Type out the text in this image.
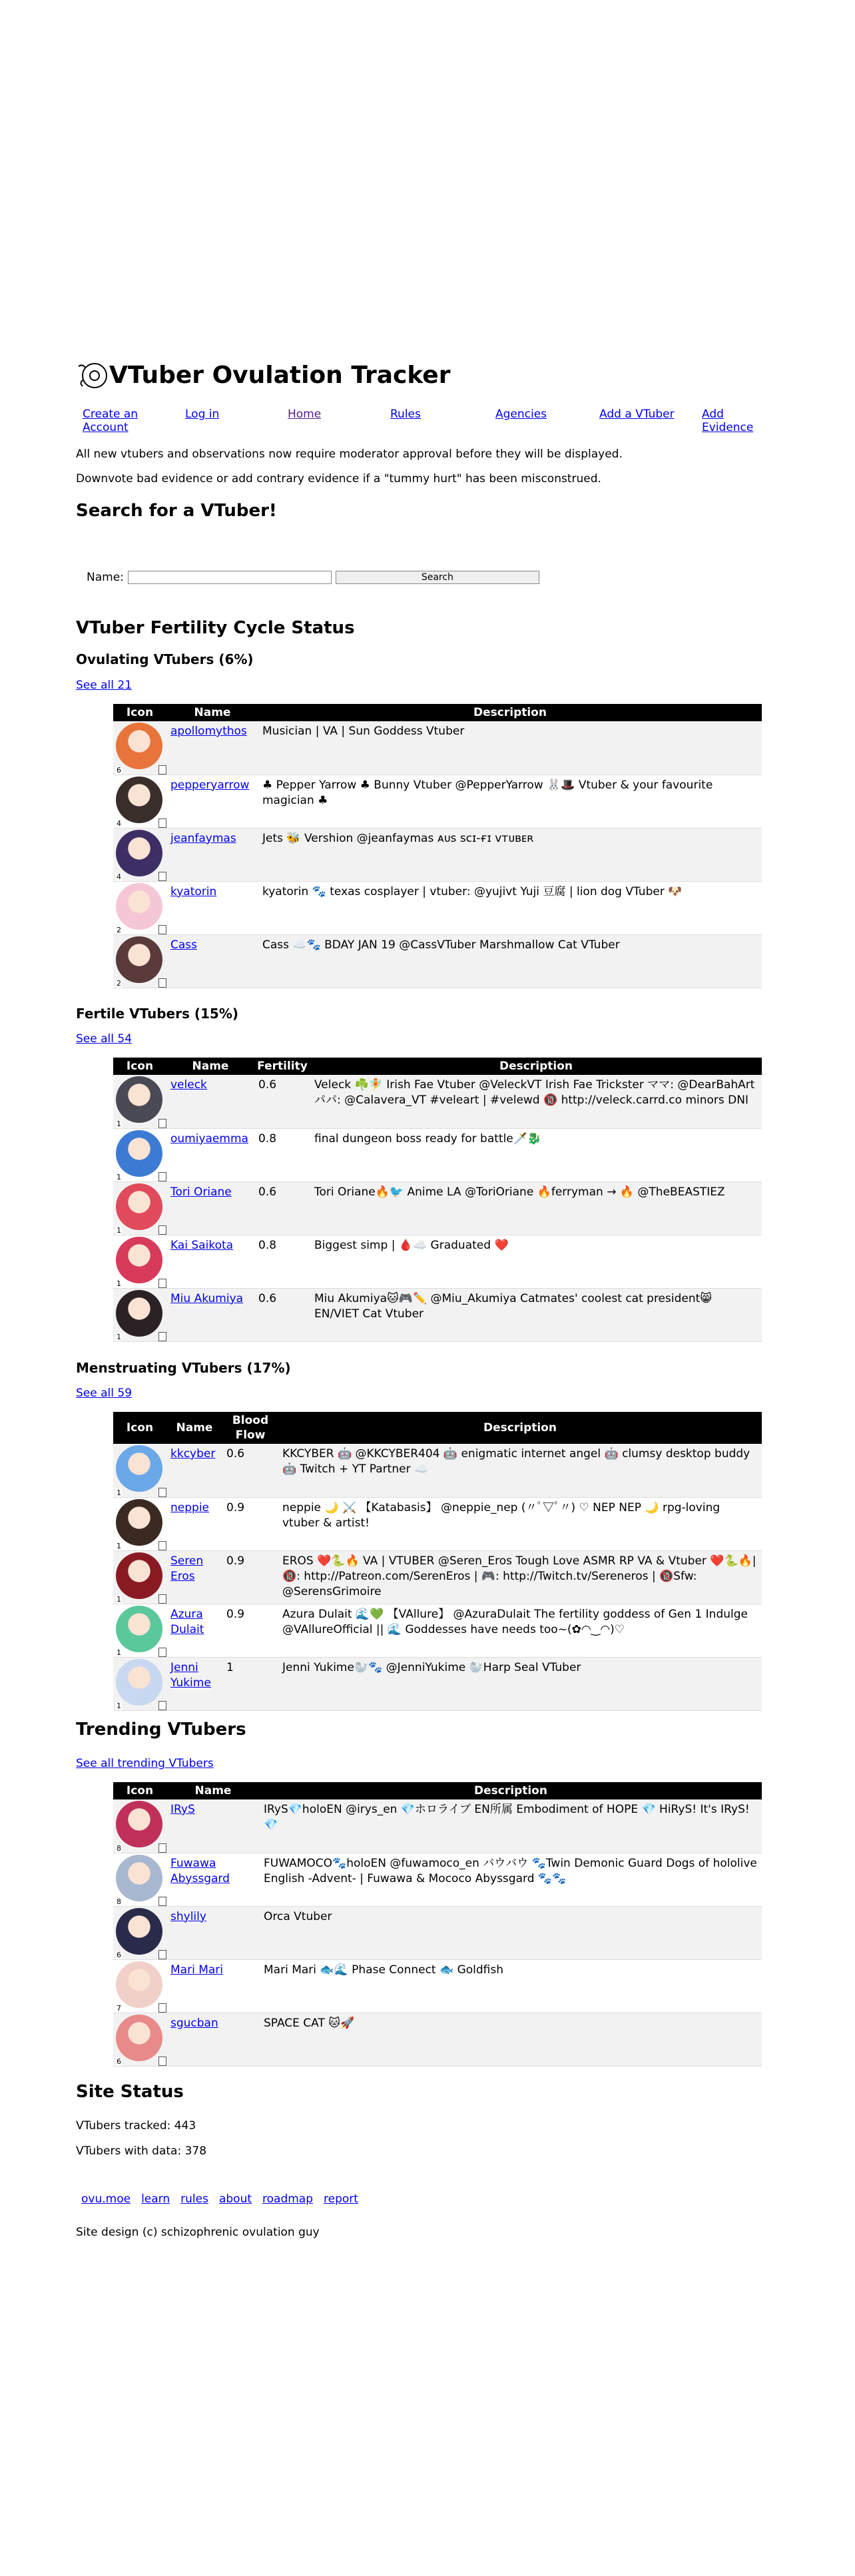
VTuber Ovulation Tracker
Create an Account
Log in	Home	Rules	Agencies	Add a VTuber Add Evidence

All new vtubers and observations now require moderator approval before they will be displayed.

Downvote bad evidence or add contrary evidence if a "tummy hurt" has been misconstrued.

Search for a VTuber!
Name:	Search
VTuber Fertility Cycle Status
Ovulating VTubers (6%)
See all 21
Icon	Name	Description

6	apollomythos	Musician | VA | Sun Goddess Vtuber

4	pepperyarrow	♣ Pepper Yarrow ♣ Bunny Vtuber @PepperYarrow 🐰🎩 Vtuber & your favourite magician ♣

4	jeanfaymas	Jets 🐝 Vershion @jeanfaymas ᴀᴜs sᴄɪ-ғɪ ᴠᴛᴜʙᴇʀ

2	kyatorin	kyatorin 🐾 texas cosplayer | vtuber: @yujivt Yuji 豆腐 | lion dog VTuber 🐶

2	Cass	Cass ☁️🐾 BDAY JAN 19 @CassVTuber Marshmallow Cat VTuber
Fertile VTubers (15%)
See all 54
Icon	Name	Fertility	Description

1	veleck	0.6	Veleck ☘️🧚 Irish Fae Vtuber @VeleckVT Irish Fae Trickster ママ: @DearBahArt パパ: @Calavera_VT #veleart | #velewd 🔞 http://veleck.carrd.co minors DNI

1	oumiyaemma	0.8	final dungeon boss ready for battle🗡️🐉

1	Tori Oriane	0.6	Tori Oriane🔥🐦 Anime LA @ToriOriane 🔥ferryman → 🔥 @TheBEASTIEZ

1	Kai Saikota	0.8	Biggest simp | 🩸☁️ Graduated ❤️

1	Miu Akumiya	0.6	Miu Akumiya🐱🎮✏️ @Miu_Akumiya Catmates' coolest cat president😸 EN/VIET Cat Vtuber
Menstruating VTubers (17%)
See all 59
Icon	Name	Blood Flow	Description

1	kkcyber	0.6	KKCYBER 🤖 @KKCYBER404 🤖 enigmatic internet angel 🤖 clumsy desktop buddy 🤖 Twitch + YT Partner ☁️

1	neppie	0.9	neppie 🌙 ⚔️ 【Katabasis】 @neppie_nep (〃ﾟ▽ﾟ〃) ♡ NEP NEP 🌙 rpg-loving vtuber & artist!

1	Seren Eros	0.9	EROS ❤️🐍🔥 VA | VTUBER @Seren_Eros Tough Love ASMR RP VA & Vtuber ❤️🐍🔥| 🔞: http://Patreon.com/SerenEros | 🎮: http://Twitch.tv/Sereneros | 🔞Sfw: @SerensGrimoire

1	Azura Dulait	0.9	Azura Dulait 🌊💚 【VAllure】 @AzuraDulait The fertility goddess of Gen 1 Indulge @VAllureOfficial || 🌊 Goddesses have needs too~(✿◠‿◠)♡

1	Jenni Yukime	1	Jenni Yukime🦭🐾 @JenniYukime 🦭Harp Seal VTuber
Trending VTubers
See all trending VTubers
Icon	Name	Description

8	IRyS	IRyS💎holoEN @irys_en 💎ホロライブ EN所属 Embodiment of HOPE 💎 HiRyS! It's IRyS!💎

8	Fuwawa Abyssgard	FUWAMOCO🐾holoEN @fuwamoco_en バウバウ 🐾Twin Demonic Guard Dogs of hololive English -Advent- | Fuwawa & Mococo Abyssgard 🐾🐾

6	shylily	Orca Vtuber

7	Mari Mari	Mari Mari 🐟🌊 Phase Connect 🐟 Goldfish

6	sgucban	SPACE CAT 🐱🚀
Site Status

VTubers tracked: 443

VTubers with data: 378

ovu.moe learn rules about roadmap report

Site design (c) schizophrenic ovulation guy
